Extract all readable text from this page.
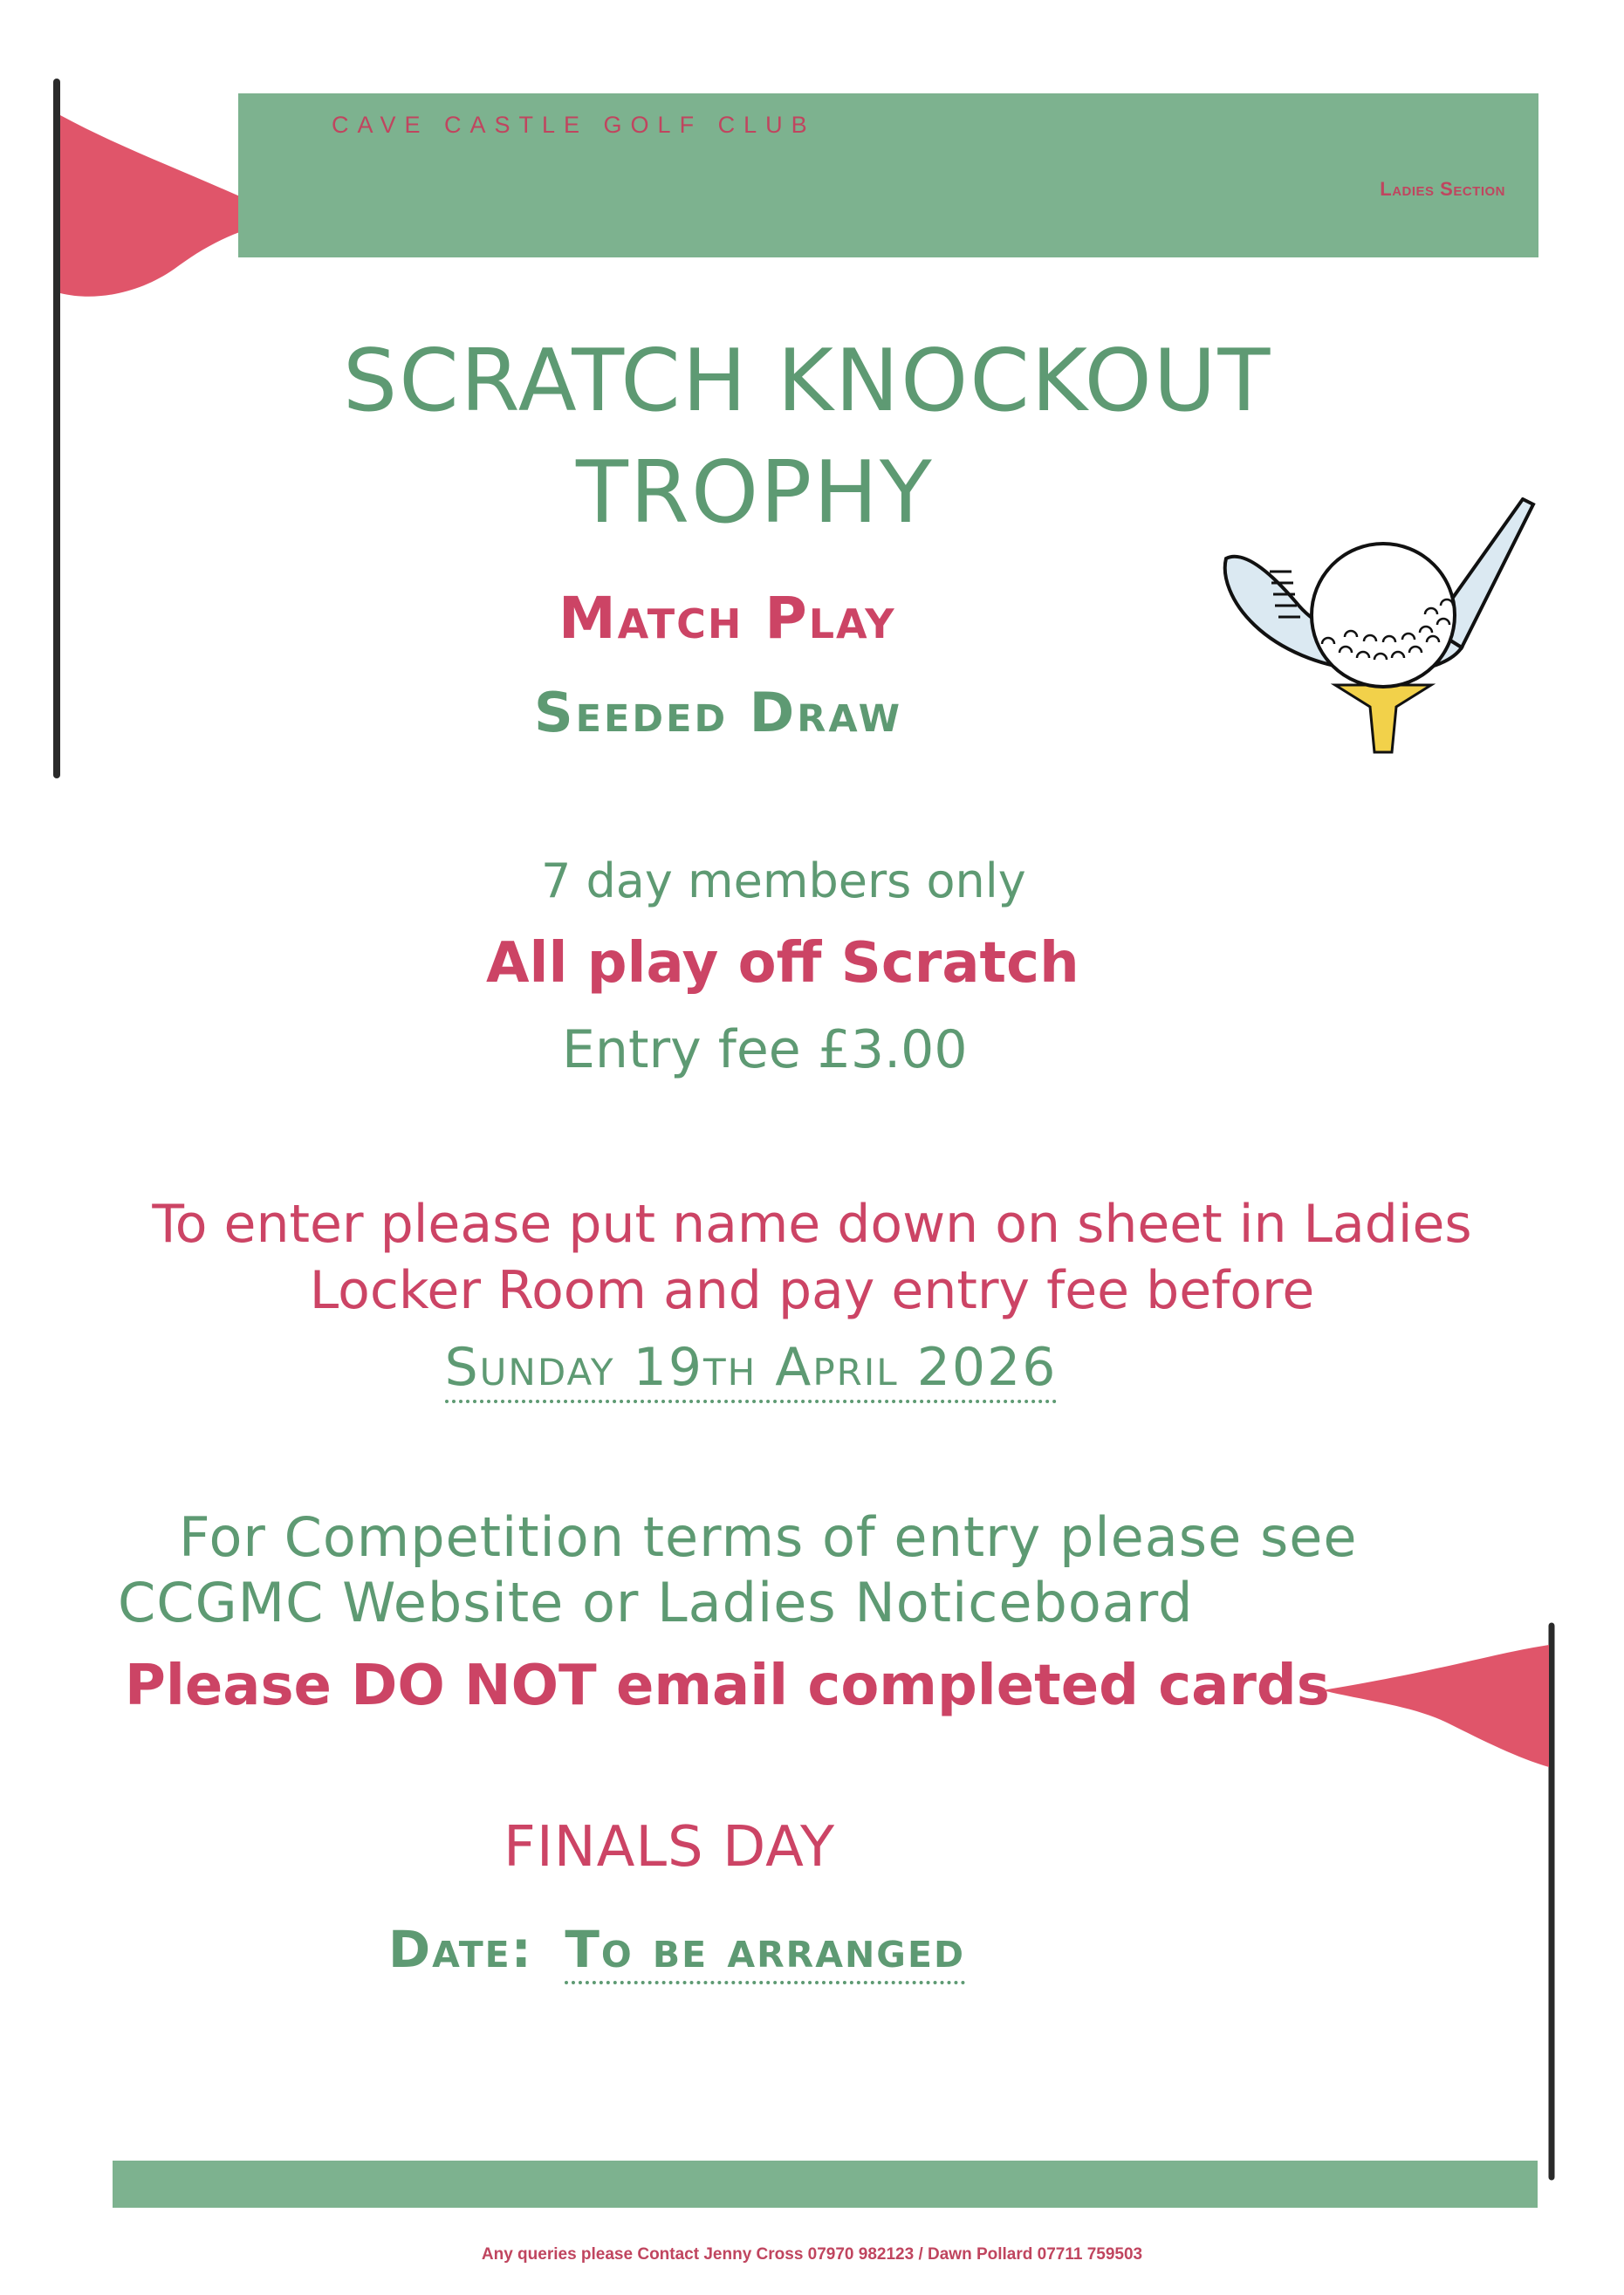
CAVE CASTLE GOLF CLUB
Ladies Section
SCRATCH KNOCKOUT
TROPHY
Match Play
Seeded Draw
7 day members only
All play off Scratch
Entry fee £3.00
To enter please put name down on sheet in Ladies
Locker Room and pay entry fee before
Sunday 19th April 2026
For Competition terms of entry please see
CCGMC Website or Ladies Noticeboard
Please DO NOT email completed cards
FINALS DAY
Date: To be arranged
Any queries please Contact Jenny Cross 07970 982123 / Dawn Pollard 07711 759503
